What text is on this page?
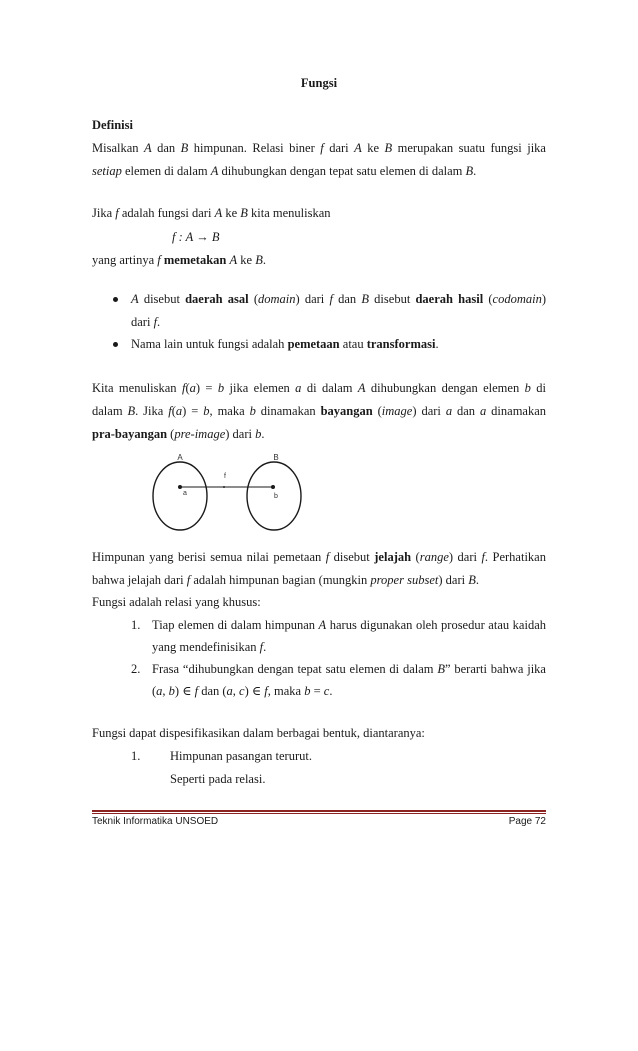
Fungsi
Definisi
Misalkan A dan B himpunan. Relasi biner f dari A ke B merupakan suatu fungsi jika
setiap elemen di dalam A dihubungkan dengan tepat satu elemen di dalam B.
Jika f adalah fungsi dari A ke B kita menuliskan
f : A → B
yang artinya f memetakan A ke B.
A disebut daerah asal (domain) dari f dan B disebut daerah hasil (codomain)
dari f.
Nama lain untuk fungsi adalah pemetaan atau transformasi.
Kita menuliskan f(a) = b jika elemen a di dalam A dihubungkan dengan elemen b di
dalam B. Jika f(a) = b, maka b dinamakan bayangan (image) dari a dan a dinamakan
pra-bayangan (pre-image) dari b.
A	B
f
a	b
Himpunan yang berisi semua nilai pemetaan f disebut jelajah (range) dari f. Perhatikan
bahwa jelajah dari f adalah himpunan bagian (mungkin proper subset) dari B.
Fungsi adalah relasi yang khusus:
1. Tiap elemen di dalam himpunan A harus digunakan oleh prosedur atau kaidah
yang mendefinisikan f.
2. Frasa “dihubungkan dengan tepat satu elemen di dalam B” berarti bahwa jika
(a, b) ∈ f dan (a, c) ∈ f, maka b = c.
Fungsi dapat dispesifikasikan dalam berbagai bentuk, diantaranya:
1. Himpunan pasangan terurut.
Seperti pada relasi.
Teknik Informatika UNSOED	Page 72
